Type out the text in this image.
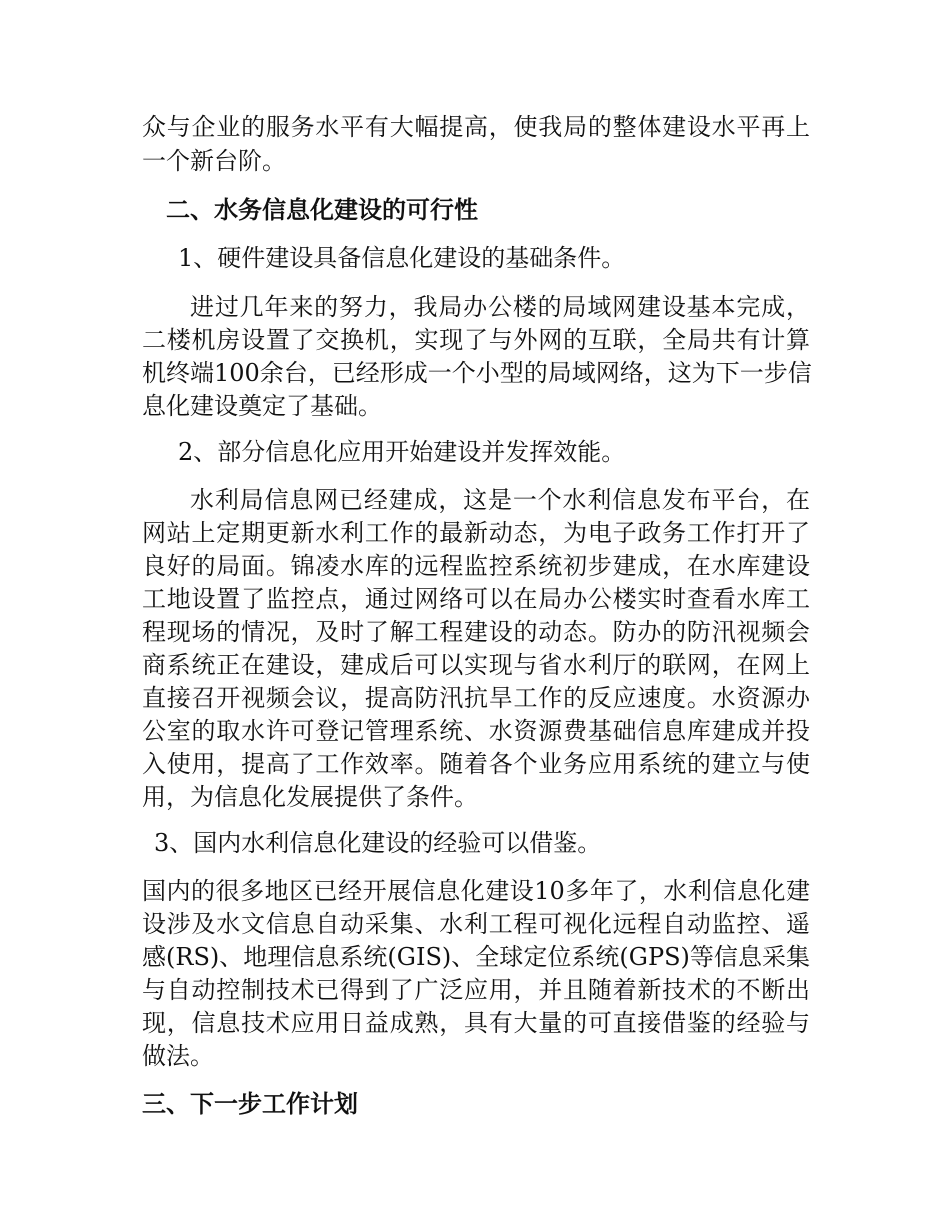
众与企业的服务水平有大幅提高，使我局的整体建设水平再上
一个新台阶。
二、水务信息化建设的可行性
1、硬件建设具备信息化建设的基础条件。
进过几年来的努力，我局办公楼的局域网建设基本完成，
二楼机房设置了交换机，实现了与外网的互联，全局共有计算
机终端100余台，已经形成一个小型的局域网络，这为下一步信
息化建设奠定了基础。
2、部分信息化应用开始建设并发挥效能。
水利局信息网已经建成，这是一个水利信息发布平台，在
网站上定期更新水利工作的最新动态，为电子政务工作打开了
良好的局面。锦凌水库的远程监控系统初步建成，在水库建设
工地设置了监控点，通过网络可以在局办公楼实时查看水库工
程现场的情况，及时了解工程建设的动态。防办的防汛视频会
商系统正在建设，建成后可以实现与省水利厅的联网，在网上
直接召开视频会议，提高防汛抗旱工作的反应速度。水资源办
公室的取水许可登记管理系统、水资源费基础信息库建成并投
入使用，提高了工作效率。随着各个业务应用系统的建立与使
用，为信息化发展提供了条件。
3、国内水利信息化建设的经验可以借鉴。
国内的很多地区已经开展信息化建设10多年了，水利信息化建
设涉及水文信息自动采集、水利工程可视化远程自动监控、遥
感(RS)、地理信息系统(GIS)、全球定位系统(GPS)等信息采集
与自动控制技术已得到了广泛应用，并且随着新技术的不断出
现，信息技术应用日益成熟，具有大量的可直接借鉴的经验与
做法。
三、下一步工作计划
